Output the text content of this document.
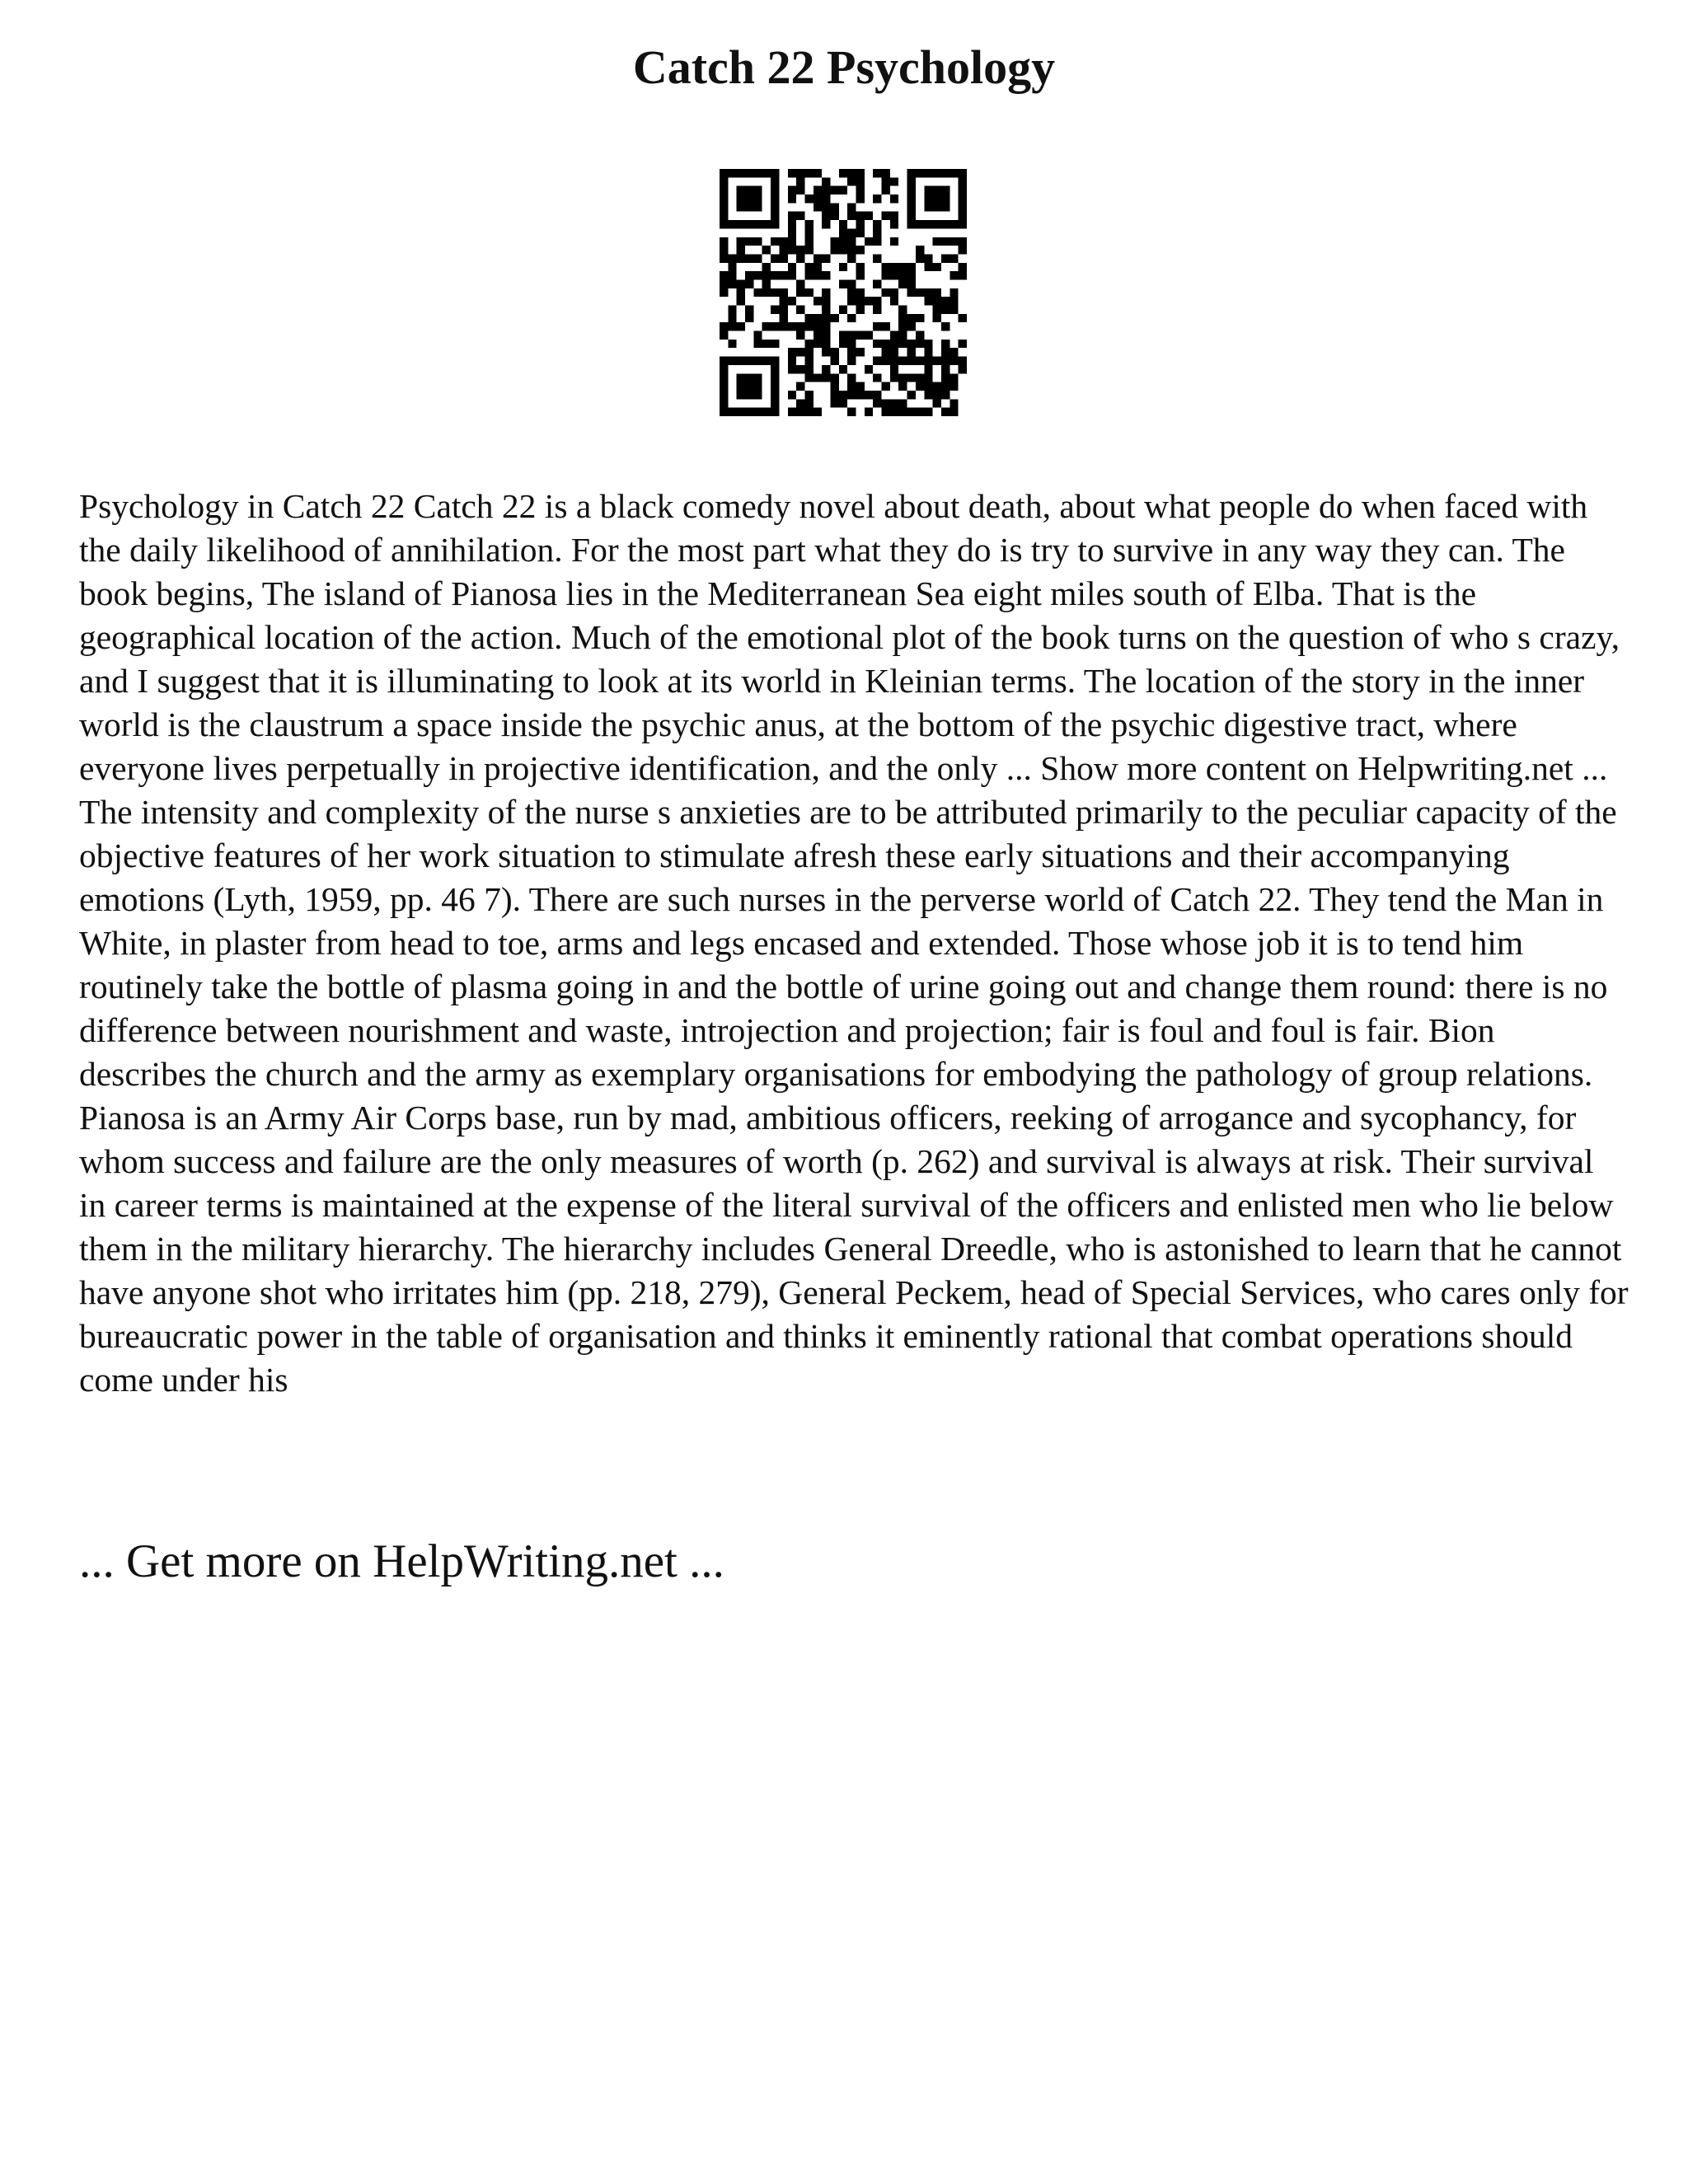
Catch 22 Psychology

Psychology in Catch 22 Catch 22 is a black comedy novel about death, about what people do when faced with the daily likelihood of annihilation. For the most part what they do is try to survive in any way they can. The book begins, The island of Pianosa lies in the Mediterranean Sea eight miles south of Elba. That is the geographical location of the action. Much of the emotional plot of the book turns on the question of who s crazy, and I suggest that it is illuminating to look at its world in Kleinian terms. The location of the story in the inner world is the claustrum a space inside the psychic anus, at the bottom of the psychic digestive tract, where everyone lives perpetually in projective identification, and the only ... Show more content on Helpwriting.net ...

The intensity and complexity of the nurse s anxieties are to be attributed primarily to the peculiar capacity of the objective features of her work situation to stimulate afresh these early situations and their accompanying emotions (Lyth, 1959, pp. 46 7). There are such nurses in the perverse world of Catch 22. They tend the Man in White, in plaster from head to toe, arms and legs encased and extended. Those whose job it is to tend him routinely take the bottle of plasma going in and the bottle of urine going out and change them round: there is no difference between nourishment and waste, introjection and projection; fair is foul and foul is fair. Bion describes the church and the army as exemplary organisations for embodying the pathology of group relations. Pianosa is an Army Air Corps base, run by mad, ambitious officers, reeking of arrogance and sycophancy, for whom success and failure are the only measures of worth (p. 262) and survival is always at risk. Their survival in career terms is maintained at the expense of the literal survival of the officers and enlisted men who lie below them in the military hierarchy. The hierarchy includes General Dreedle, who is astonished to learn that he cannot have anyone shot who irritates him (pp. 218, 279), General Peckem, head of Special Services, who cares only for bureaucratic power in the table of organisation and thinks it eminently rational that combat operations should come under his

... Get more on HelpWriting.net ...
